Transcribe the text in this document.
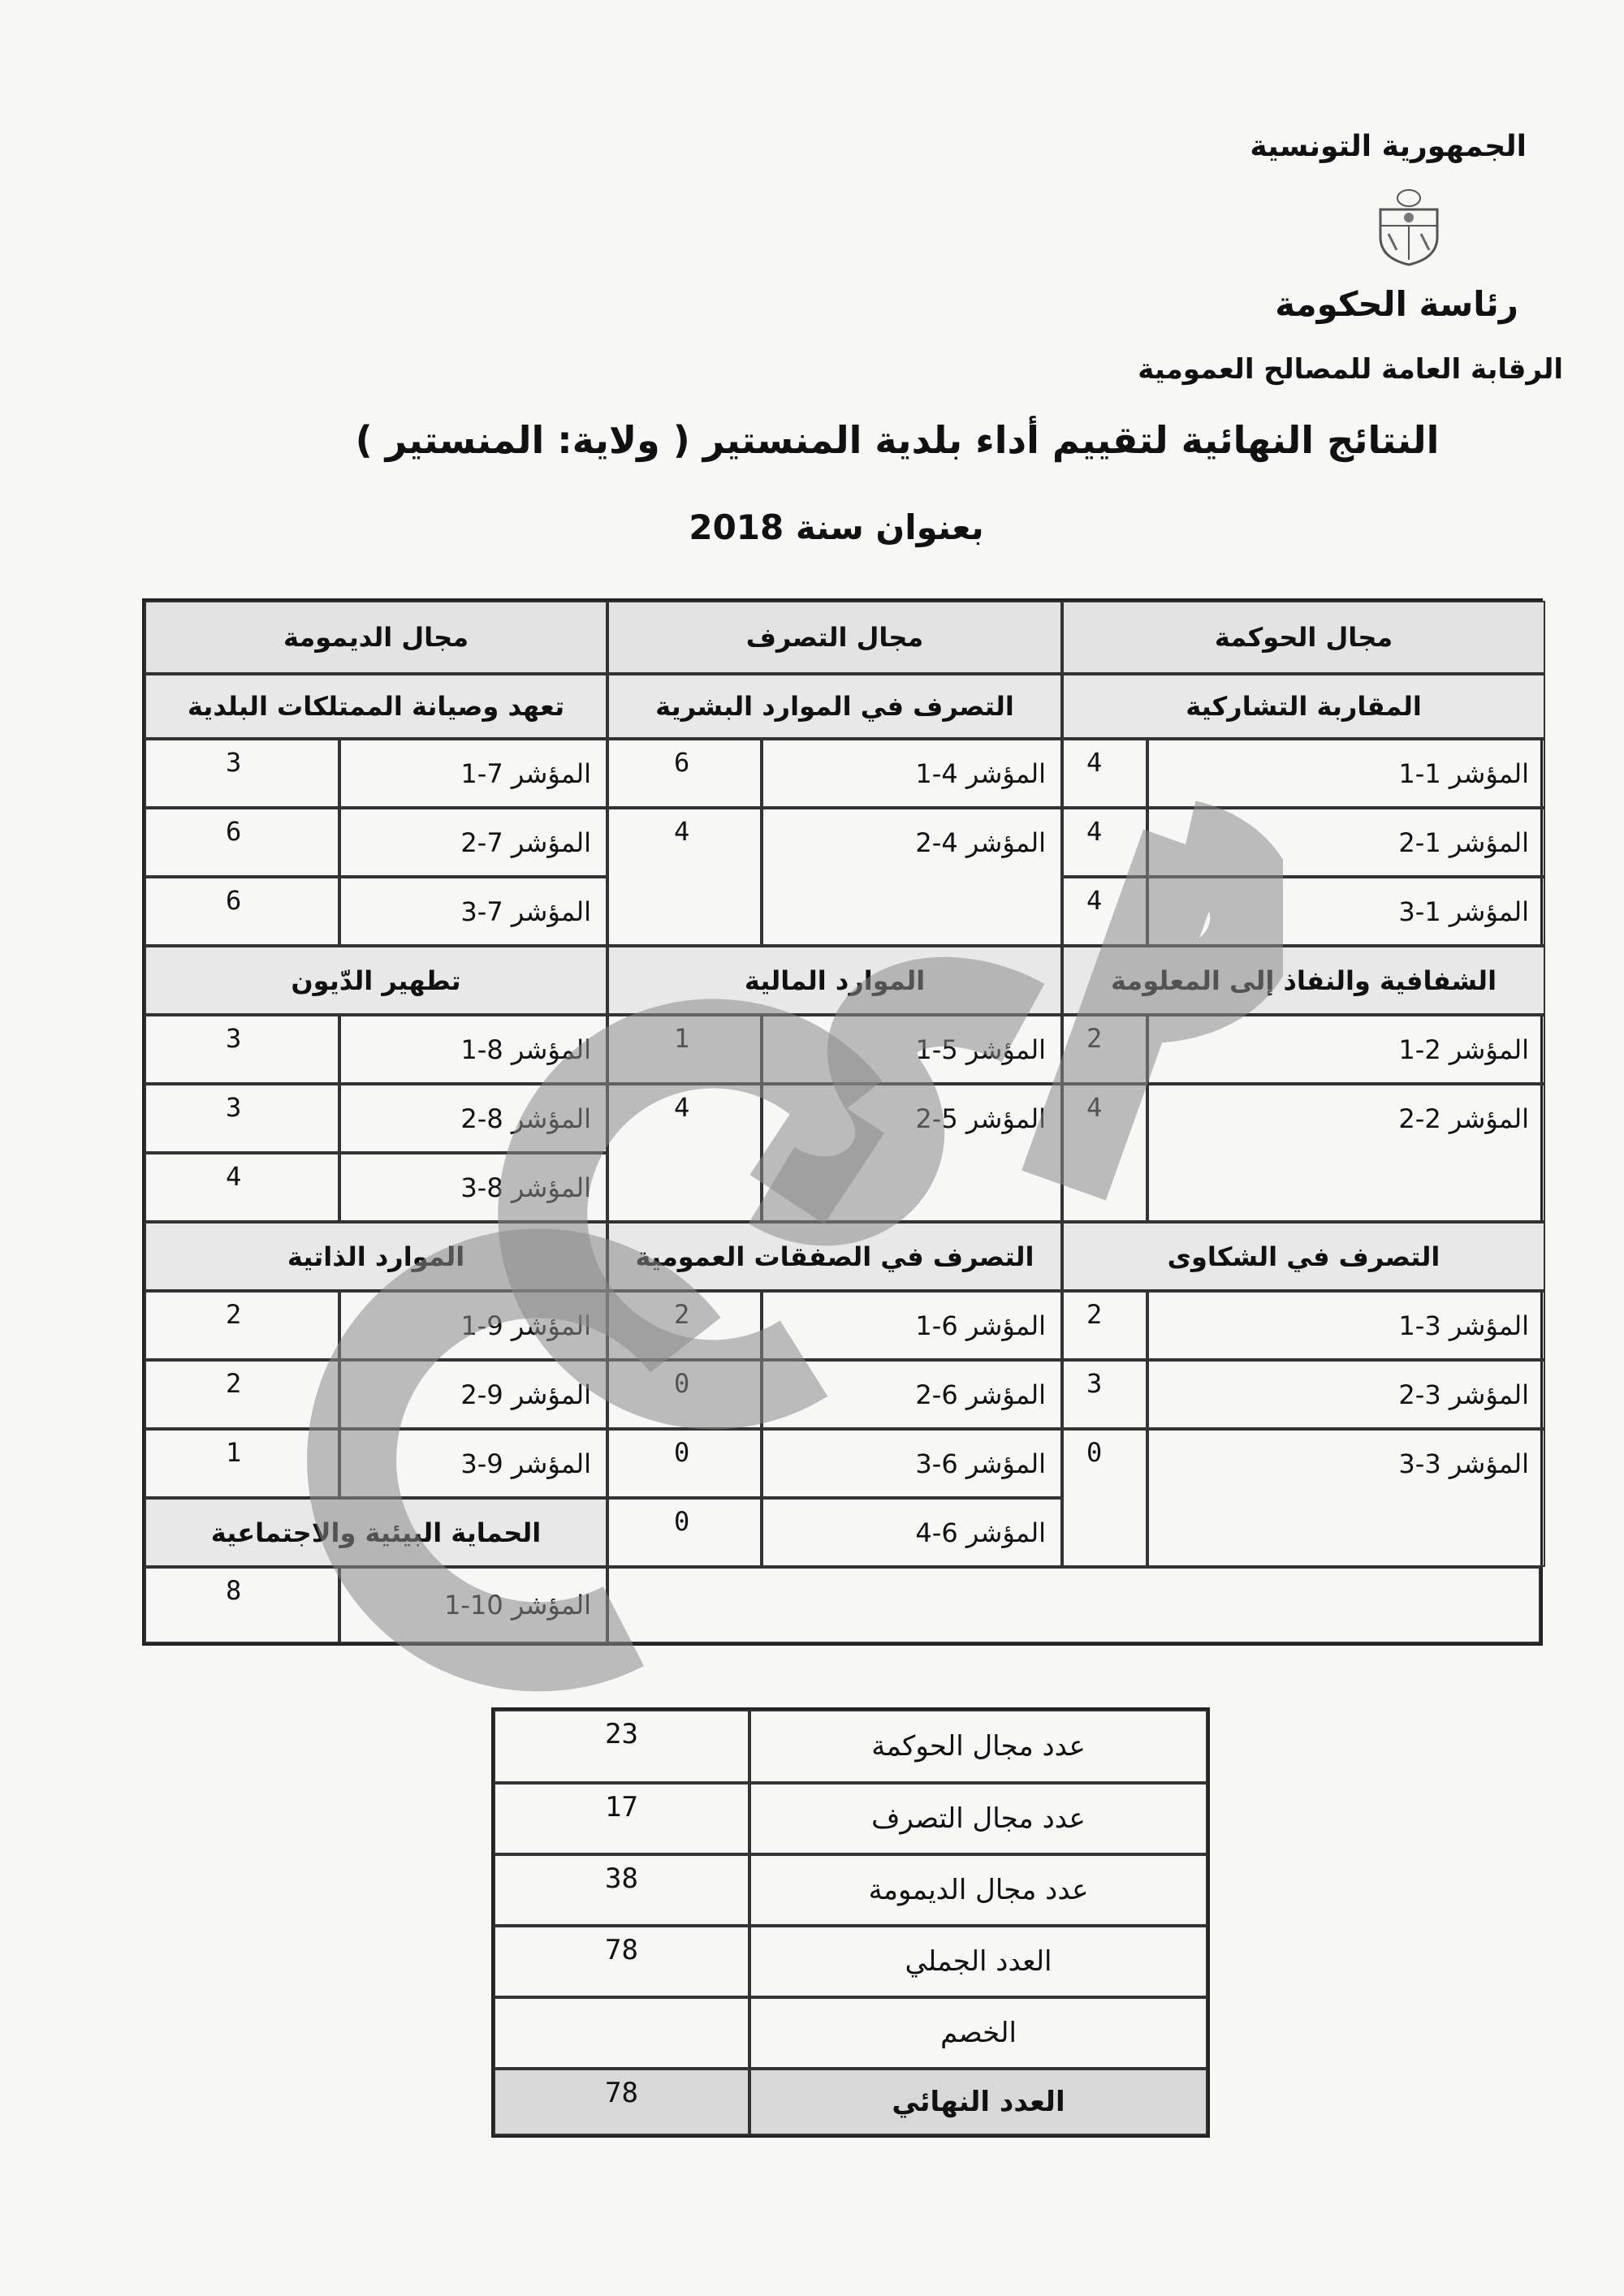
الجمهورية التونسية
رئاسة الحكومة
الرقابة العامة للمصالح العمومية
النتائج النهائية لتقييم أداء بلدية المنستير ( ولاية: المنستير )
بعنوان سنة 2018
مجال الحوكمة
مجال التصرف
مجال الديمومة
المقاربة التشاركية
التصرف في الموارد البشرية
تعهد وصيانة الممتلكات البلدية
المؤشر 1-1
4
المؤشر 1-2
4
المؤشر 1-3
4
المؤشر 4-1
6
المؤشر 4-2
4
المؤشر 7-1
3
المؤشر 7-2
6
المؤشر 7-3
6
الشفافية والنفاذ إلى المعلومة
الموارد المالية
تطهير الدّيون
المؤشر 2-1
2
المؤشر 2-2
4
المؤشر 5-1
1
المؤشر 5-2
4
المؤشر 8-1
3
المؤشر 8-2
3
المؤشر 8-3
4
التصرف في الشكاوى
التصرف في الصفقات العمومية
الموارد الذاتية
المؤشر 3-1
2
المؤشر 3-2
3
المؤشر 3-3
0
المؤشر 6-1
2
المؤشر 6-2
0
المؤشر 6-3
0
المؤشر 6-4
0
المؤشر 9-1
2
المؤشر 9-2
2
المؤشر 9-3
1
الحماية البيئية والاجتماعية
المؤشر 10-1
8
عدد مجال الحوكمة
23
عدد مجال التصرف
17
عدد مجال الديمومة
38
العدد الجملي
78
الخصم
العدد النهائي
78
